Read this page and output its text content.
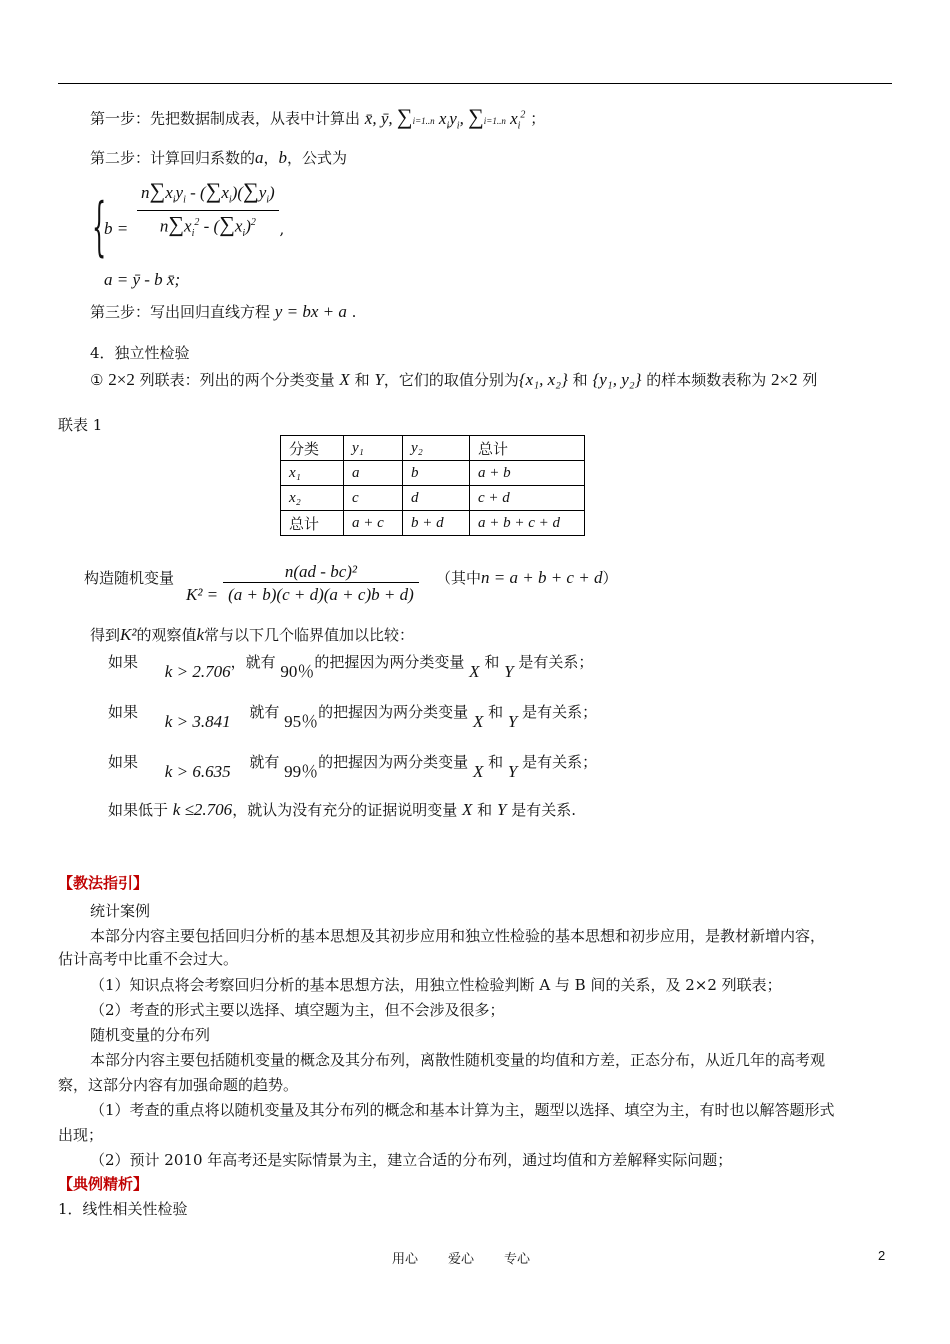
第一步：先把数据制成表，从表中计算出 x̄, ȳ, ∑i=1..n $x_iy_i$, ∑i=1..n $x_i^2$ ；
第二步：计算回归系数的a，b，公式为
{
$b = \frac{n\sum x_iy_i - (\sum x_i)(\sum y_i)}{n\sum x_i^2 - (\sum x_i)^2}$ ,
a = ȳ - b x̄;
第三步：写出回归直线方程 y = bx + a .
4．独立性检验
① 2×2 列联表：列出的两个分类变量 X 和 Y，它们的取值分别为{x₁, x₂} 和 {y₁, y₂} 的样本频数表称为 2×2 列
联表 1
分类	y₁	y₂	总计
x₁	a	b	a + b
x₂	c	d	c + d
总计	a + c	b + d	a + b + c + d
构造随机变量
$K^2 = \frac{\text{n(ad - bc)²}}{(a + b)(c + d)(a + c)b + d)}$ （其中n = a + b + c + d）
得到K²的观察值k常与以下几个临界值加以比较：
如果 k > 2.706，就有 90％的把握因为两分类变量 X 和 Y 是有关系；
如果 k > 3.841 就有 95％的把握因为两分类变量 X 和 Y 是有关系；
如果 k > 6.635 就有 99％的把握因为两分类变量 X 和 Y 是有关系；
如果低于 k ≤2.706，就认为没有充分的证据说明变量 X 和 Y 是有关系.
【教法指引】
统计案例
本部分内容主要包括回归分析的基本思想及其初步应用和独立性检验的基本思想和初步应用，是教材新增内容，
估计高考中比重不会过大。
（1）知识点将会考察回归分析的基本思想方法，用独立性检验判断 A 与 B 间的关系，及 2×2 列联表；
（2）考查的形式主要以选择、填空题为主，但不会涉及很多；
随机变量的分布列
本部分内容主要包括随机变量的概念及其分布列，离散性随机变量的均值和方差，正态分布，从近几年的高考观
察，这部分内容有加强命题的趋势。
（1）考查的重点将以随机变量及其分布列的概念和基本计算为主，题型以选择、填空为主，有时也以解答题形式
出现；
（2）预计 2010 年高考还是实际情景为主，建立合适的分布列，通过均值和方差解释实际问题；
【典例精析】
1．线性相关性检验
用心 爱心 专心	2
